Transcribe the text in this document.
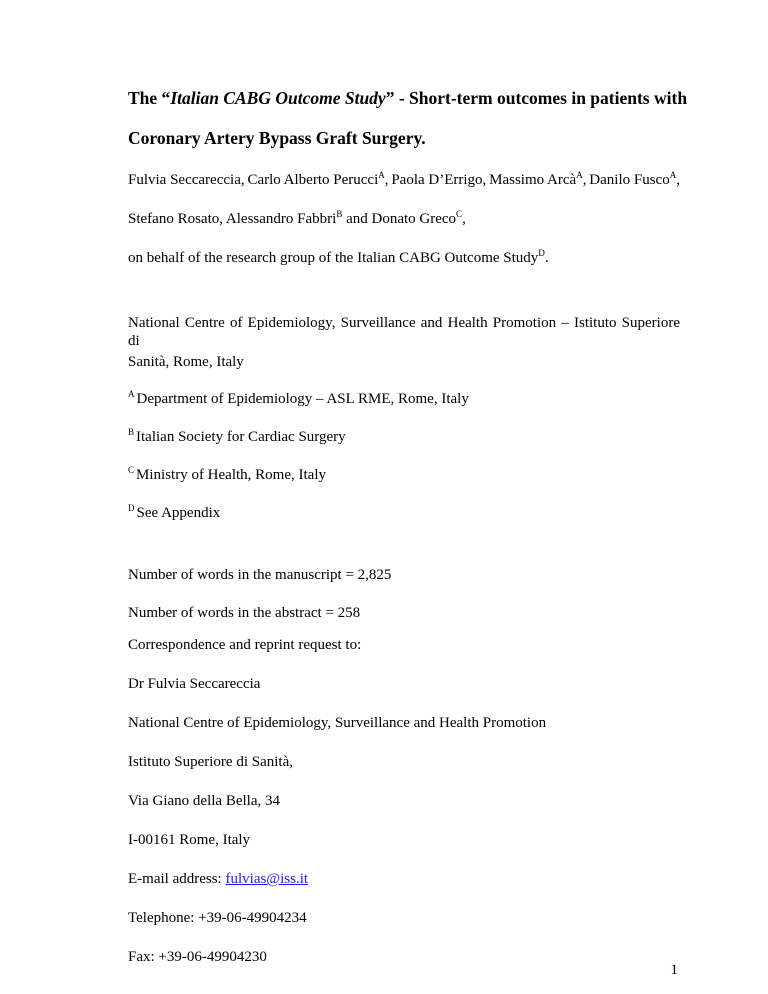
The “Italian CABG Outcome Study” - Short-term outcomes in patients with
Coronary Artery Bypass Graft Surgery.
Fulvia Seccareccia, Carlo Alberto Perucci$^A$, Paola D’Errigo, Massimo Arcà$^A$, Danilo Fusco$^A$,
Stefano Rosato, Alessandro Fabbri$^B$ and Donato Greco$^C$,
on behalf of the research group of the Italian CABG Outcome Study$^D$.
National Centre of Epidemiology, Surveillance and Health Promotion – Istituto Superiore di
Sanità, Rome, Italy
$^A$ Department of Epidemiology – ASL RME, Rome, Italy
$^B$ Italian Society for Cardiac Surgery
$^C$ Ministry of Health, Rome, Italy
$^D$ See Appendix
Number of words in the manuscript = 2,825
Number of words in the abstract = 258
Correspondence and reprint request to:
Dr Fulvia Seccareccia
National Centre of Epidemiology, Surveillance and Health Promotion
Istituto Superiore di Sanità,
Via Giano della Bella, 34
I-00161 Rome, Italy
E-mail address: fulvias@iss.it
Telephone: +39-06-49904234
Fax: +39-06-49904230
1
